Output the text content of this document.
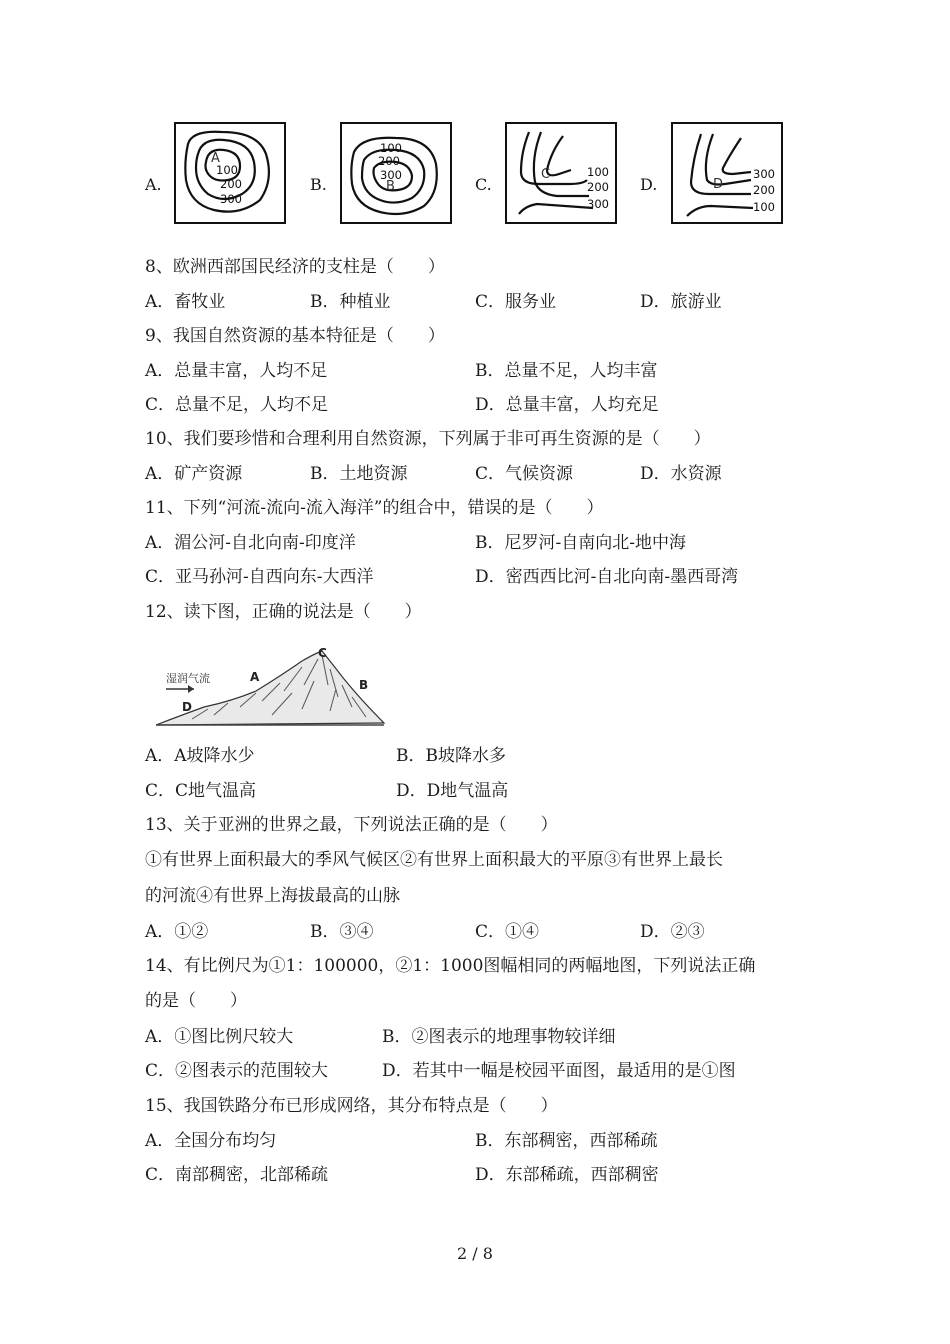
A.
A
100
200
300
B.
100
200
300
B	C.
C	100
200
300
D.	D
300
200
100
8、欧洲西部国民经济的支柱是（　　）
A．畜牧业	B．种植业	C．服务业	D．旅游业
9、我国自然资源的基本特征是（　　）
A．总量丰富，人均不足	B．总量不足，人均丰富
C．总量不足，人均不足	D．总量丰富，人均充足
10、我们要珍惜和合理利用自然资源，下列属于非可再生资源的是（　　）
A．矿产资源	B．土地资源	C．气候资源	D．水资源
11、下列“河流-流向-流入海洋”的组合中，错误的是（　　）
A．湄公河-自北向南-印度洋	B．尼罗河-自南向北-地中海
C．亚马孙河-自西向东-大西洋	D．密西西比河-自北向南-墨西哥湾
12、读下图，正确的说法是（　　）
湿润气流	A
B
C
D
A．A坡降水少	B．B坡降水多
C．C地气温高	D．D地气温高
13、关于亚洲的世界之最，下列说法正确的是（　　）
①有世界上面积最大的季风气候区②有世界上面积最大的平原③有世界上最长
的河流④有世界上海拔最高的山脉
A．①②	B．③④	C．①④	D．②③
14、有比例尺为①1：100000，②1：1000图幅相同的两幅地图，下列说法正确
的是（　　）
A．①图比例尺较大	B．②图表示的地理事物较详细
C．②图表示的范围较大	D．若其中一幅是校园平面图，最适用的是①图
15、我国铁路分布已形成网络，其分布特点是（　　）
A．全国分布均匀	B．东部稠密，西部稀疏
C．南部稠密，北部稀疏	D．东部稀疏，西部稠密
2 / 8
